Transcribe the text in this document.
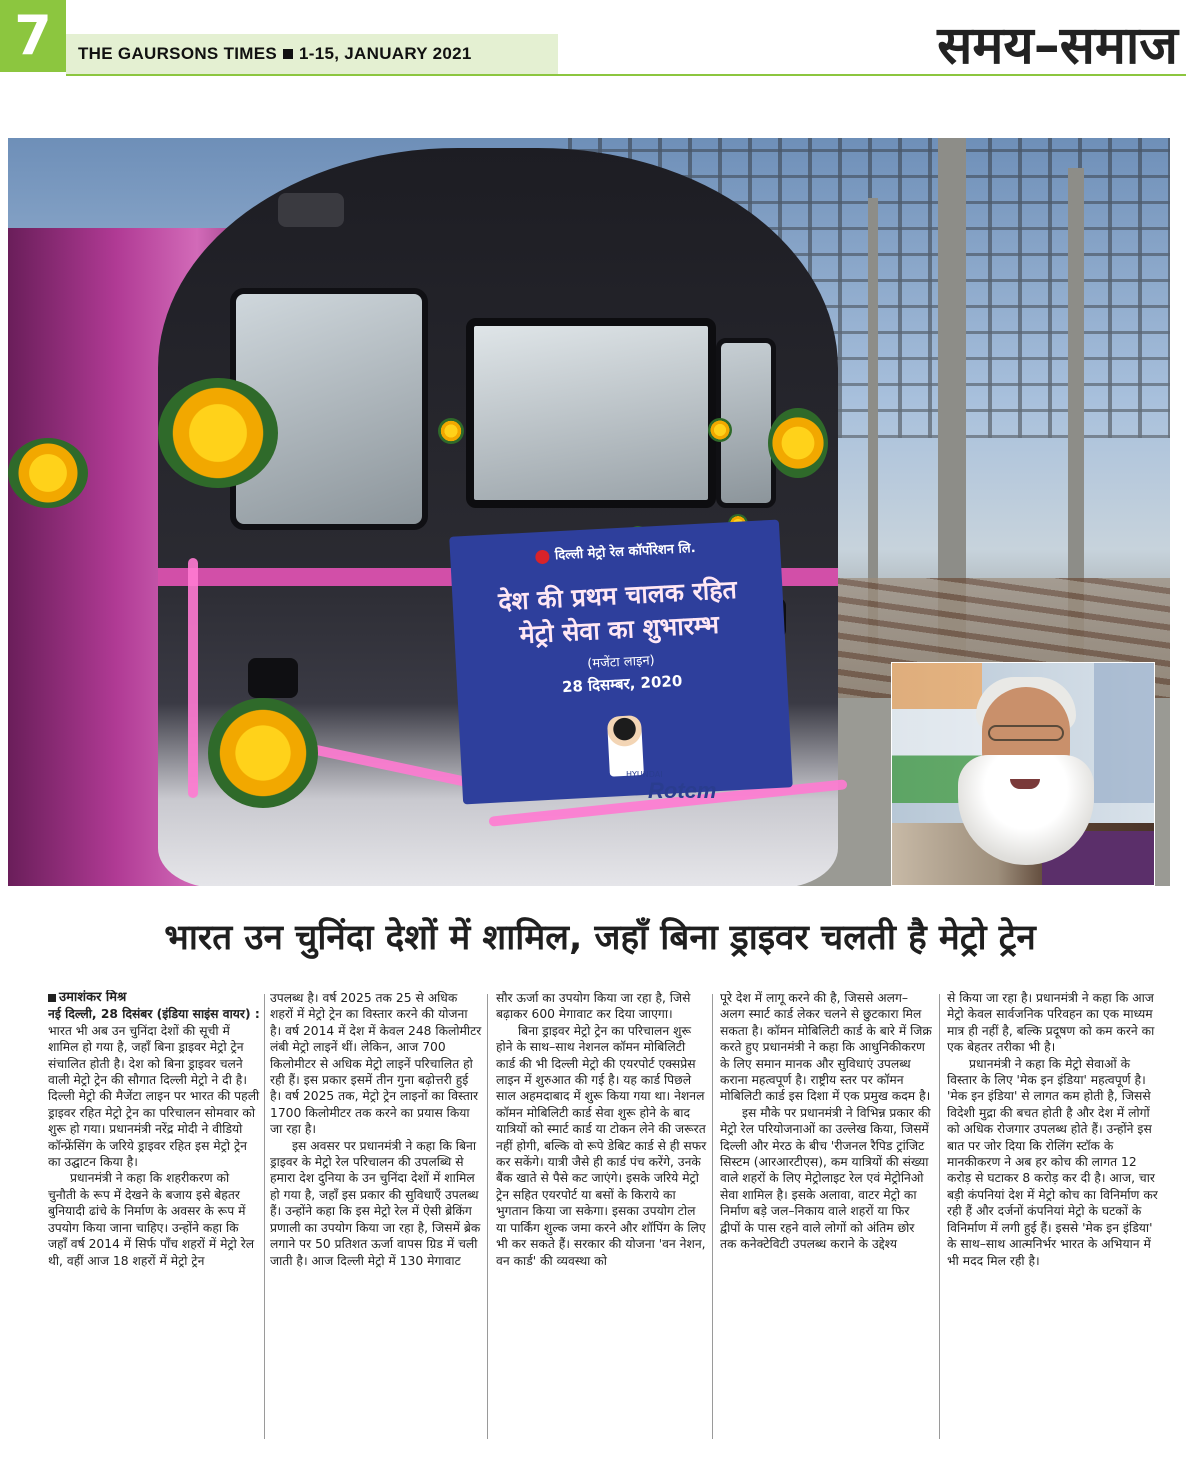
7	THE GAURSONS TIMES 1-15, JANUARY 2021	समय–समाज
दिल्ली मेट्रो रेल कॉर्पोरेशन लि.
देश की प्रथम चालक रहित
मेट्रो सेवा का शुभारम्भ
(मजेंटा लाइन)
28 दिसम्बर, 2020
HYUNDAI
Rotem
भारत उन चुनिंदा देशों में शामिल, जहाँ बिना ड्राइवर चलती है मेट्रो ट्रेन

उमाशंकर मिश्र

नई दिल्ली, 28 दिसंबर (इंडिया साइंस वायर) : भारत भी अब उन चुनिंदा देशों की सूची में शामिल हो गया है, जहाँ बिना ड्राइवर मेट्रो ट्रेन संचालित होती है। देश को बिना ड्राइवर चलने वाली मेट्रो ट्रेन की सौगात दिल्ली मेट्रो ने दी है। दिल्ली मेट्रो की मैजेंटा लाइन पर भारत की पहली ड्राइवर रहित मेट्रो ट्रेन का परिचालन सोमवार को शुरू हो गया। प्रधानमंत्री नरेंद्र मोदी ने वीडियो कॉन्फ्रेंसिंग के जरिये ड्राइवर रहित इस मेट्रो ट्रेन का उद्घाटन किया है।

प्रधानमंत्री ने कहा कि शहरीकरण को चुनौती के रूप में देखने के बजाय इसे बेहतर बुनियादी ढांचे के निर्माण के अवसर के रूप में उपयोग किया जाना चाहिए। उन्होंने कहा कि जहाँ वर्ष 2014 में सिर्फ पाँच शहरों में मेट्रो रेल थी, वहीं आज 18 शहरों में मेट्रो ट्रेन

उपलब्ध है। वर्ष 2025 तक 25 से अधिक शहरों में मेट्रो ट्रेन का विस्तार करने की योजना है। वर्ष 2014 में देश में केवल 248 किलोमीटर लंबी मेट्रो लाइनें थीं। लेकिन, आज 700 किलोमीटर से अधिक मेट्रो लाइनें परिचालित हो रही हैं। इस प्रकार इसमें तीन गुना बढ़ोत्तरी हुई है। वर्ष 2025 तक, मेट्रो ट्रेन लाइनों का विस्तार 1700 किलोमीटर तक करने का प्रयास किया जा रहा है।

इस अवसर पर प्रधानमंत्री ने कहा कि बिना ड्राइवर के मेट्रो रेल परिचालन की उपलब्धि से हमारा देश दुनिया के उन चुनिंदा देशों में शामिल हो गया है, जहाँ इस प्रकार की सुविधाएँ उपलब्ध हैं। उन्होंने कहा कि इस मेट्रो रेल में ऐसी ब्रेकिंग प्रणाली का उपयोग किया जा रहा है, जिसमें ब्रेक लगाने पर 50 प्रतिशत ऊर्जा वापस ग्रिड में चली जाती है। आज दिल्ली मेट्रो में 130 मेगावाट

सौर ऊर्जा का उपयोग किया जा रहा है, जिसे बढ़ाकर 600 मेगावाट कर दिया जाएगा।

बिना ड्राइवर मेट्रो ट्रेन का परिचालन शुरू होने के साथ–साथ नेशनल कॉमन मोबिलिटी कार्ड की भी दिल्ली मेट्रो की एयरपोर्ट एक्सप्रेस लाइन में शुरुआत की गई है। यह कार्ड पिछले साल अहमदाबाद में शुरू किया गया था। नेशनल कॉमन मोबिलिटी कार्ड सेवा शुरू होने के बाद यात्रियों को स्मार्ट कार्ड या टोकन लेने की जरूरत नहीं होगी, बल्कि वो रूपे डेबिट कार्ड से ही सफर कर सकेंगे। यात्री जैसे ही कार्ड पंच करेंगे, उनके बैंक खाते से पैसे कट जाएंगे। इसके जरिये मेट्रो ट्रेन सहित एयरपोर्ट या बसों के किराये का भुगतान किया जा सकेगा। इसका उपयोग टोल या पार्किंग शुल्क जमा करने और शॉपिंग के लिए भी कर सकते हैं। सरकार की योजना 'वन नेशन, वन कार्ड' की व्यवस्था को

पूरे देश में लागू करने की है, जिससे अलग–अलग स्मार्ट कार्ड लेकर चलने से छुटकारा मिल सकता है। कॉमन मोबिलिटी कार्ड के बारे में जिक्र करते हुए प्रधानमंत्री ने कहा कि आधुनिकीकरण के लिए समान मानक और सुविधाएं उपलब्ध कराना महत्वपूर्ण है। राष्ट्रीय स्तर पर कॉमन मोबिलिटी कार्ड इस दिशा में एक प्रमुख कदम है।

इस मौके पर प्रधानमंत्री ने विभिन्न प्रकार की मेट्रो रेल परियोजनाओं का उल्लेख किया, जिसमें दिल्ली और मेरठ के बीच 'रीजनल रैपिड ट्रांजिट सिस्टम (आरआरटीएस), कम यात्रियों की संख्या वाले शहरों के लिए मेट्रोलाइट रेल एवं मेट्रोनिओ सेवा शामिल है। इसके अलावा, वाटर मेट्रो का निर्माण बड़े जल–निकाय वाले शहरों या फिर द्वीपों के पास रहने वाले लोगों को अंतिम छोर तक कनेक्टेविटी उपलब्ध कराने के उद्देश्य

से किया जा रहा है। प्रधानमंत्री ने कहा कि आज मेट्रो केवल सार्वजनिक परिवहन का एक माध्यम मात्र ही नहीं है, बल्कि प्रदूषण को कम करने का एक बेहतर तरीका भी है।

प्रधानमंत्री ने कहा कि मेट्रो सेवाओं के विस्तार के लिए 'मेक इन इंडिया' महत्वपूर्ण है। 'मेक इन इंडिया' से लागत कम होती है, जिससे विदेशी मुद्रा की बचत होती है और देश में लोगों को अधिक रोजगार उपलब्ध होते हैं। उन्होंने इस बात पर जोर दिया कि रोलिंग स्टॉक के मानकीकरण ने अब हर कोच की लागत 12 करोड़ से घटाकर 8 करोड़ कर दी है। आज, चार बड़ी कंपनियां देश में मेट्रो कोच का विनिर्माण कर रही हैं और दर्जनों कंपनियां मेट्रो के घटकों के विनिर्माण में लगी हुई हैं। इससे 'मेक इन इंडिया' के साथ–साथ आत्मनिर्भर भारत के अभियान में भी मदद मिल रही है।
